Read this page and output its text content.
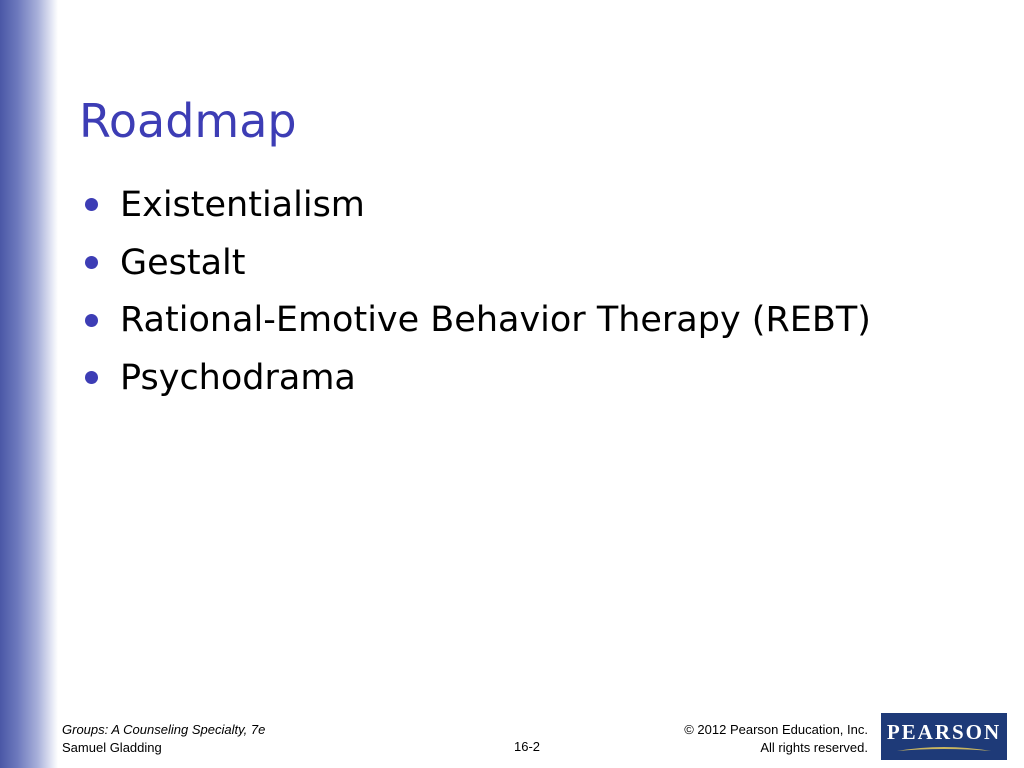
Roadmap
Existentialism
Gestalt
Rational-Emotive Behavior Therapy (REBT)
Psychodrama
Groups: A Counseling Specialty, 7e
Samuel Gladding	16-2
© 2012 Pearson Education, Inc.
All rights reserved.
PEARSON
